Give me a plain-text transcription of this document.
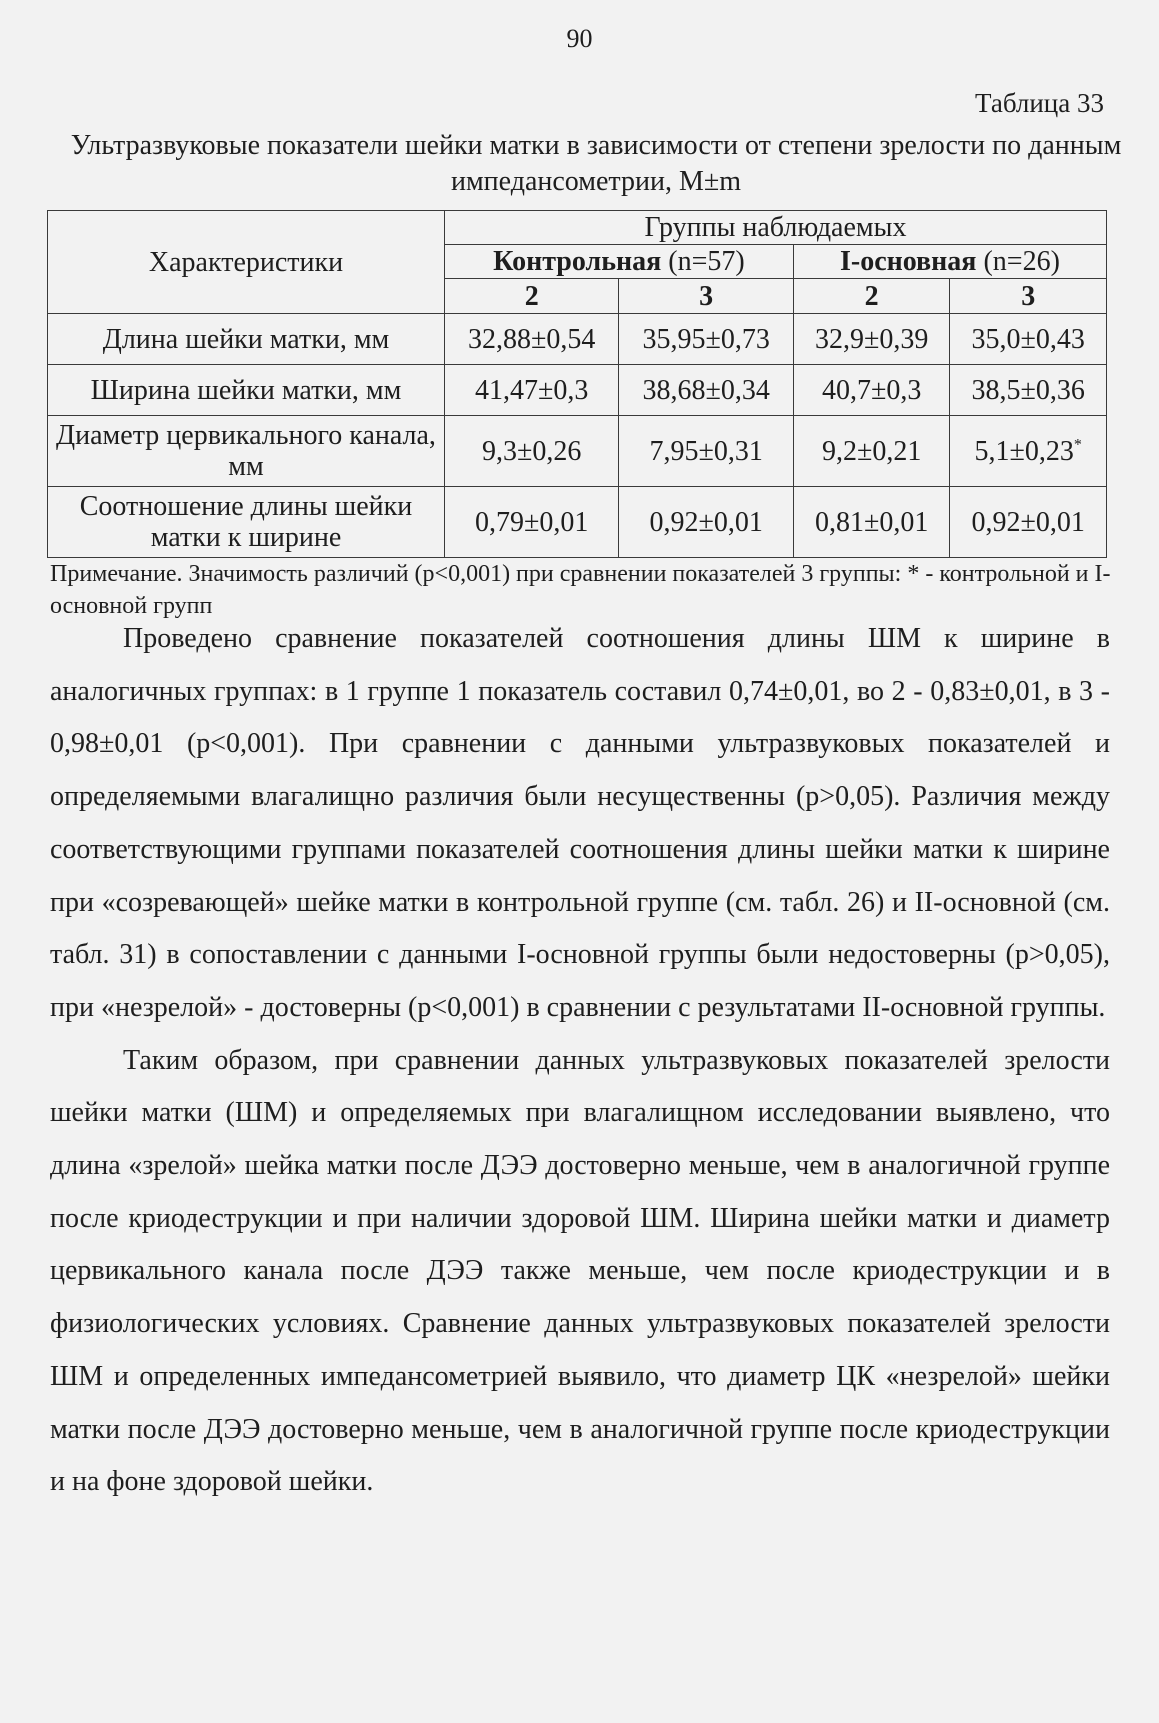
90
Таблица 33
Ультразвуковые показатели шейки матки в зависимости от степени зрелости по данным импедансометрии, M±m
Характеристики	Группы наблюдаемых			
	Контрольная (n=57)		I-основная (n=26)	
	2	3	2	3
Длина шейки матки, мм	32,88±0,54	35,95±0,73	32,9±0,39	35,0±0,43
Ширина шейки матки, мм	41,47±0,3	38,68±0,34	40,7±0,3	38,5±0,36
Диаметр цервикального канала, мм	9,3±0,26	7,95±0,31	9,2±0,21	5,1±0,23*
Соотношение длины шейки матки к ширине	0,79±0,01	0,92±0,01	0,81±0,01	0,92±0,01
Примечание. Значимость различий (p<0,001) при сравнении показателей 3 группы: * - контрольной и I-основной групп

Проведено сравнение показателей соотношения длины ШМ к ширине в аналогичных группах: в 1 группе 1 показатель составил 0,74±0,01, во 2 - 0,83±0,01, в 3 - 0,98±0,01 (p<0,001). При сравнении с данными ультразвуковых показателей и определяемыми влагалищно различия были несущественны (p>0,05). Различия между соответствующими группами показателей соотношения длины шейки матки к ширине при «созревающей» шейке матки в контрольной группе (см. табл. 26) и II-основной (см. табл. 31) в сопоставлении с данными I-основной группы были недостоверны (p>0,05), при «незрелой» - достоверны (p<0,001) в сравнении с результатами II-основной группы.

Таким образом, при сравнении данных ультразвуковых показателей зрелости шейки матки (ШМ) и определяемых при влагалищном исследовании выявлено, что длина «зрелой» шейка матки после ДЭЭ достоверно меньше, чем в аналогичной группе после криодеструкции и при наличии здоровой ШМ. Ширина шейки матки и диаметр цервикального канала после ДЭЭ также меньше, чем после криодеструкции и в физиологических условиях. Сравнение данных ультразвуковых показателей зрелости ШМ и определенных импедансометрией выявило, что диаметр ЦК «незрелой» шейки матки после ДЭЭ достоверно меньше, чем в аналогичной группе после криодеструкции и на фоне здоровой шейки.
